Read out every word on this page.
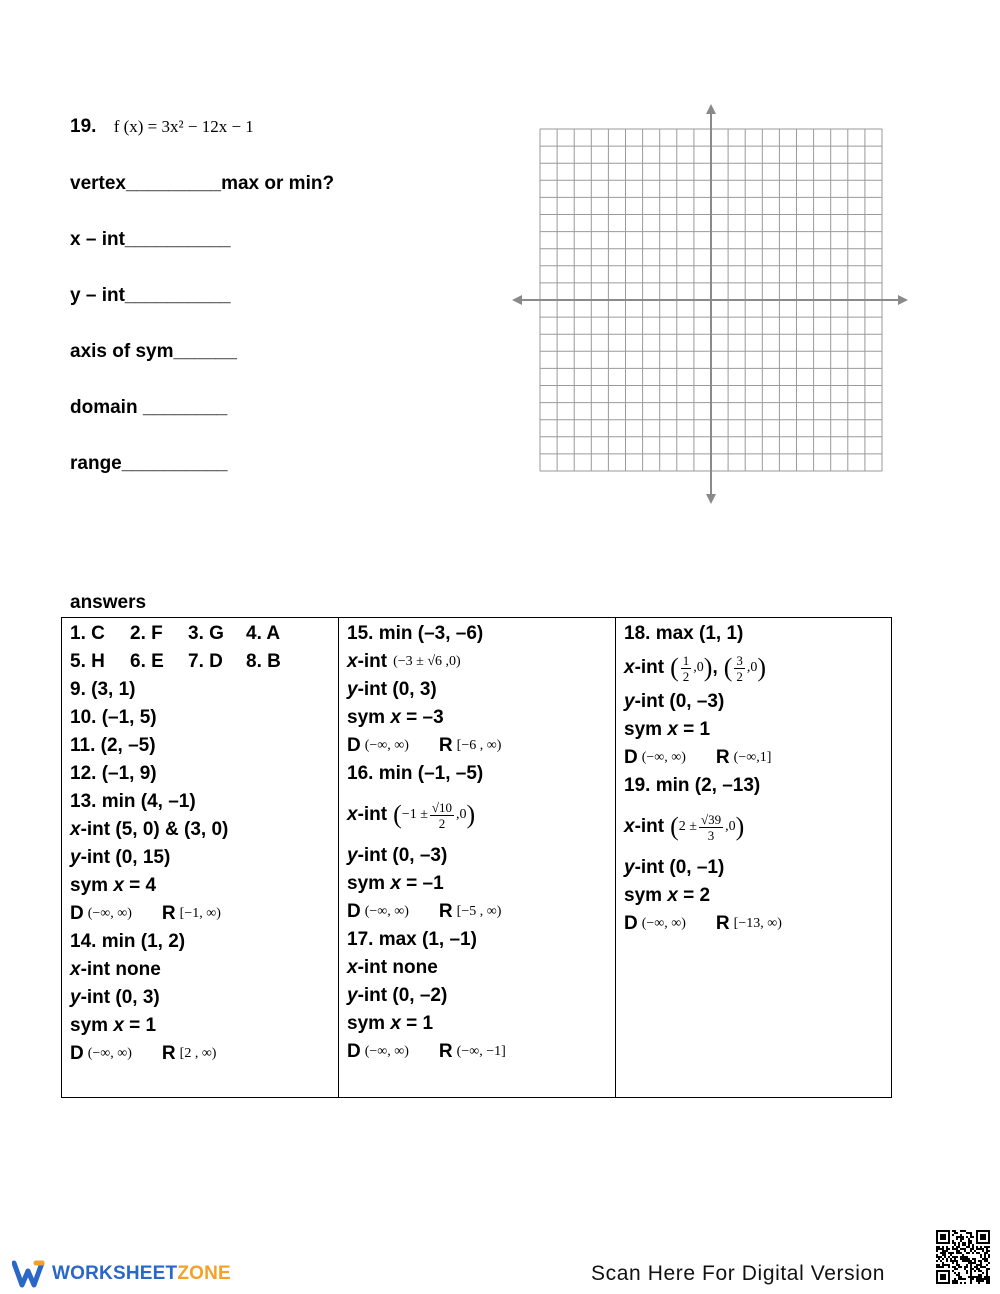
19. f (x) = 3x² − 12x − 1
vertex_________max or min?
x – int__________
y – int__________
axis of sym______
domain ________
range__________
answers
1. C	2. F	3. G	4. A
5. H	6. E	7. D	8. B
9. (3, 1)
10. (–1, 5)
11. (2, –5)
12. (–1, 9)
13. min (4, –1)
x -int (5, 0) & (3, 0)
y -int (0, 15)
sym
x
= 4
D (−∞, ∞) R [−1, ∞)
14. min (1, 2)
x -int none
y -int (0, 3)
sym
x
= 1
D (−∞, ∞) R [2 , ∞)
15. min (–3, –6)
x -int (−3 ± √6 ,0)
y -int (0, 3)
sym
x
= –3
D (−∞, ∞) R [−6 , ∞)
16. min (–1, –5)
x -int ( $-1 \pm \frac{√10}{2} ,0$ )
y -int (0, –3)
sym
x
= –1
D (−∞, ∞) R [−5 , ∞)
17. max (1, –1)
x -int none
y -int (0, –2)
sym
x
= 1
D (−∞, ∞) R (−∞, −1]
18. max (1, 1)
x -int ( $\frac{1}{2} ,0$ ) , ( $\frac{3}{2} ,0$ )
y -int (0, –3)
sym
x
= 1
D (−∞, ∞) R (−∞,1]
19. min (2, –13)
x -int ( $2 \pm \frac{√39}{3} ,0$ )
y -int (0, –1)
sym
x
= 2
D (−∞, ∞) R [−13, ∞)
WORKSHEETZONE	Scan Here For Digital Version
